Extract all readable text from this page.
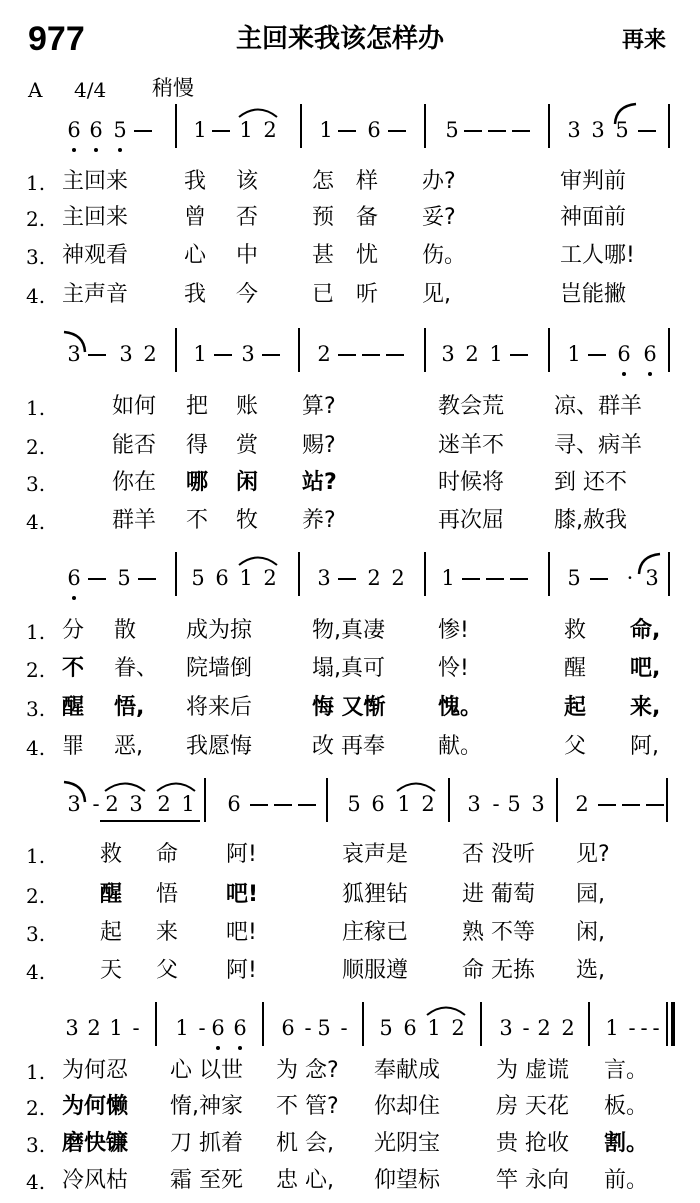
977	主回来我该怎样办	再来
A 4/4 稍慢
6 6 5	1 1 2 1 6	5	3 3 5
1. 主回来	我 该 怎 样 办?	审判前
2. 主回来	曾 否 预 备 妥?	神面前
3. 神观看	心 中 甚 忧 伤。	工人哪!
4. 主声音	我 今 已 听 见,	岂能撇
3 3 2 1 3	2	3 2 1	1 6 6
1.	如何 把 账 算?	教会荒 凉、群羊
2.	能否 得 赏 赐?	迷羊不 寻、病羊
3.	你在 哪 闲 站?	时候将 到 还不
4.	群羊 不 牧 养?	再次屈 膝,赦我
6 5	5 6 1 2 3 2 2 1	5 · 3
1. 分 散 成为掠	物,真凄 惨!	救 命,
2. 不 眷、 院墙倒	塌,真可 怜!	醒 吧,
3. 醒 悟, 将来后	悔 又惭 愧。	起 来,
4. 罪 恶, 我愿悔	改 再奉 献。	父 阿,
3 - 2 3 2 1 6	5 6 1 2 3 - 5 3 2
1. 救 命 阿!	哀声是 否 没听 见?
2. 醒 悟 吧!	狐狸钻 进 葡萄 园,
3. 起 来 吧!	庄稼已 熟 不等 闲,
4. 天 父 阿!	顺服遵 命 无拣 选,
3 2 1 - 1 - 6 6 6 - 5 - 5 6 1 2 3 - 2 2 1 - - -
1. 为何忍 心 以世 为 念? 奉献成	为 虚谎 言。
2. 为何懒 惰,神家 不 管? 你却住	房 天花 板。
3. 磨快镰 刀 抓着 机 会, 光阴宝	贵 抢收 割。
4. 冷风枯 霜 至死 忠 心, 仰望标	竿 永向 前。
